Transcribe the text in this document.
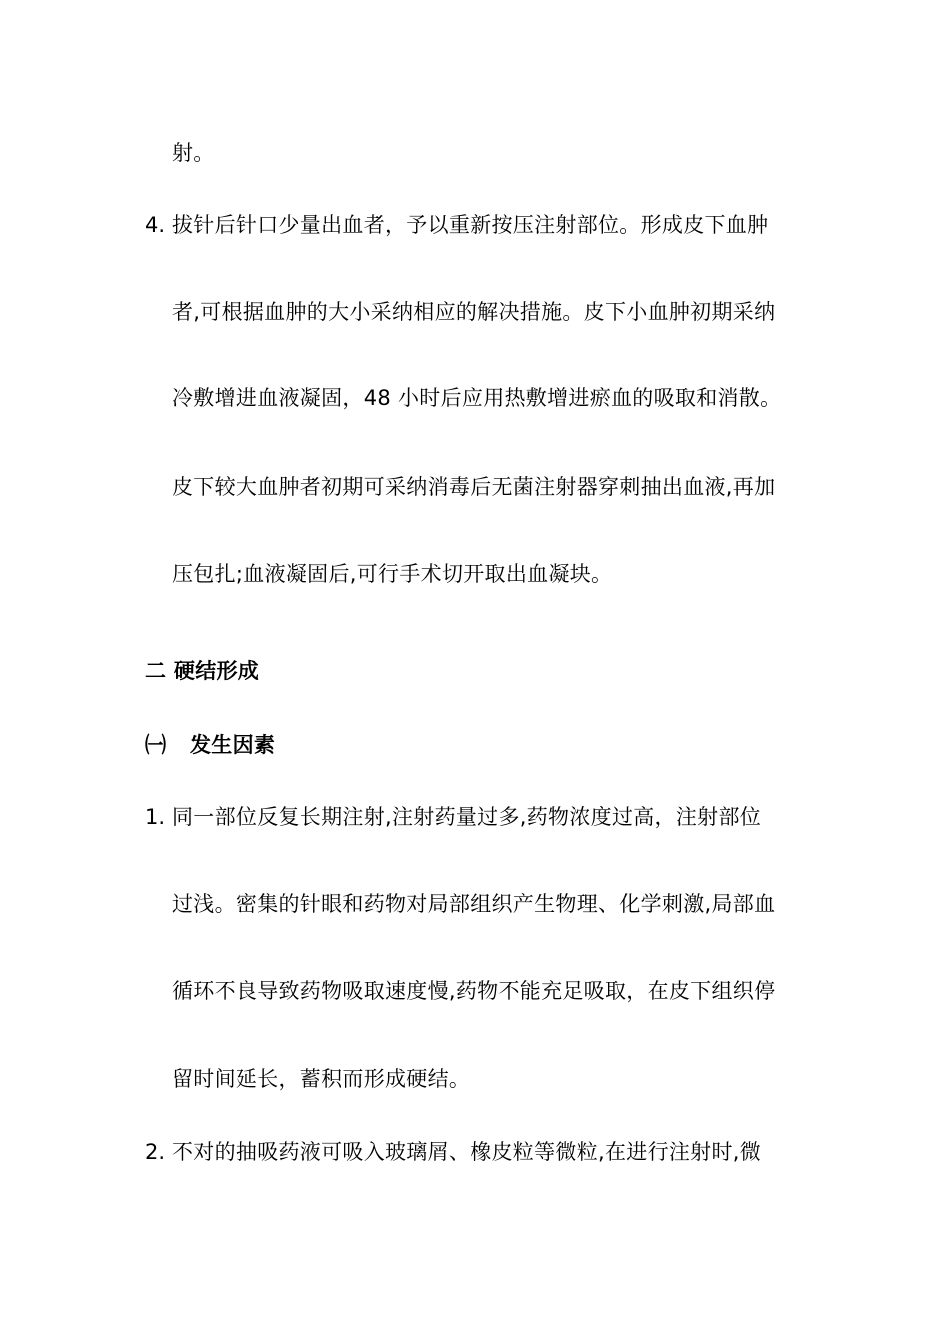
射。
4. 拔针后针口少量出血者，予以重新按压注射部位。形成皮下血肿
者,可根据血肿的大小采纳相应的解决措施。皮下小血肿初期采纳
冷敷增进血液凝固，48 小时后应用热敷增进瘀血的吸取和消散。
皮下较大血肿者初期可采纳消毒后无菌注射器穿刺抽出血液,再加
压包扎;血液凝固后,可行手术切开取出血凝块。
二 硬结形成
㈠ 发生因素
1. 同一部位反复长期注射,注射药量过多,药物浓度过高，注射部位
过浅。密集的针眼和药物对局部组织产生物理、化学刺激,局部血
循环不良导致药物吸取速度慢,药物不能充足吸取，在皮下组织停
留时间延长，蓄积而形成硬结。
2. 不对的抽吸药液可吸入玻璃屑、橡皮粒等微粒,在进行注射时,微
